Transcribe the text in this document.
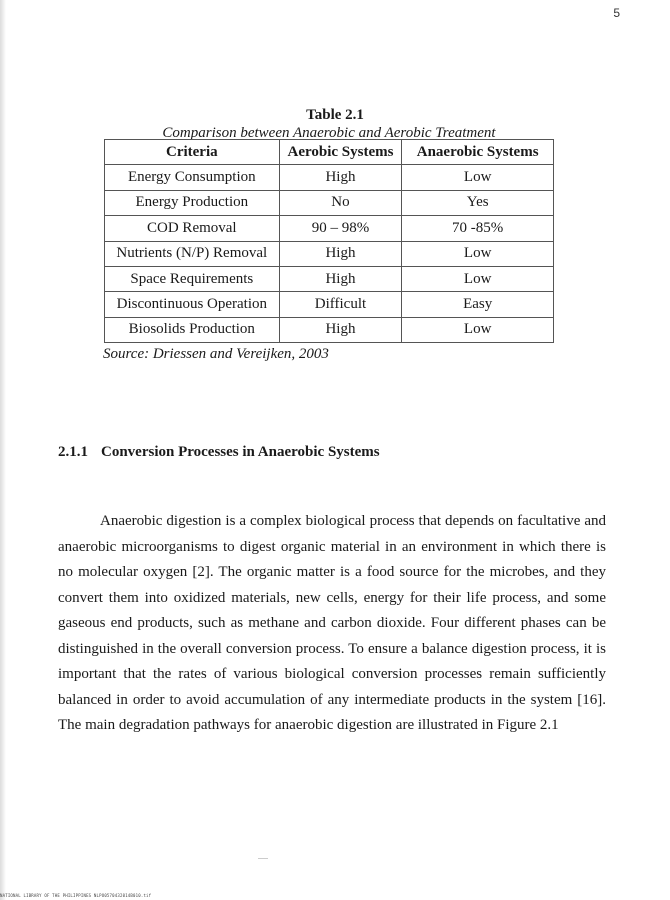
5
Table 2.1
Comparison between Anaerobic and Aerobic Treatment
Criteria	Aerobic Systems	Anaerobic Systems
Energy Consumption	High	Low
Energy Production	No	Yes
COD Removal	90 – 98%	70 -85%
Nutrients (N/P) Removal	High	Low
Space Requirements	High	Low
Discontinuous Operation	Difficult	Easy
Biosolids Production	High	Low
Source: Driessen and Vereijken, 2003
2.1.1 Conversion Processes in Anaerobic Systems

Anaerobic digestion is a complex biological process that depends on facultative and anaerobic microorganisms to digest organic material in an environment in which there is no molecular oxygen [2]. The organic matter is a food source for the microbes, and they convert them into oxidized materials, new cells, energy for their life process, and some gaseous end products, such as methane and carbon dioxide. Four different phases can be distinguished in the overall conversion process. To ensure a balance digestion process, it is important that the rates of various biological conversion processes remain sufficiently balanced in order to avoid accumulation of any intermediate products in the system [16]. The main degradation pathways for anaerobic digestion are illustrated in Figure 2.1

NATIONAL LIBRARY OF THE PHILIPPINES NLPO0570432014B010.tif
